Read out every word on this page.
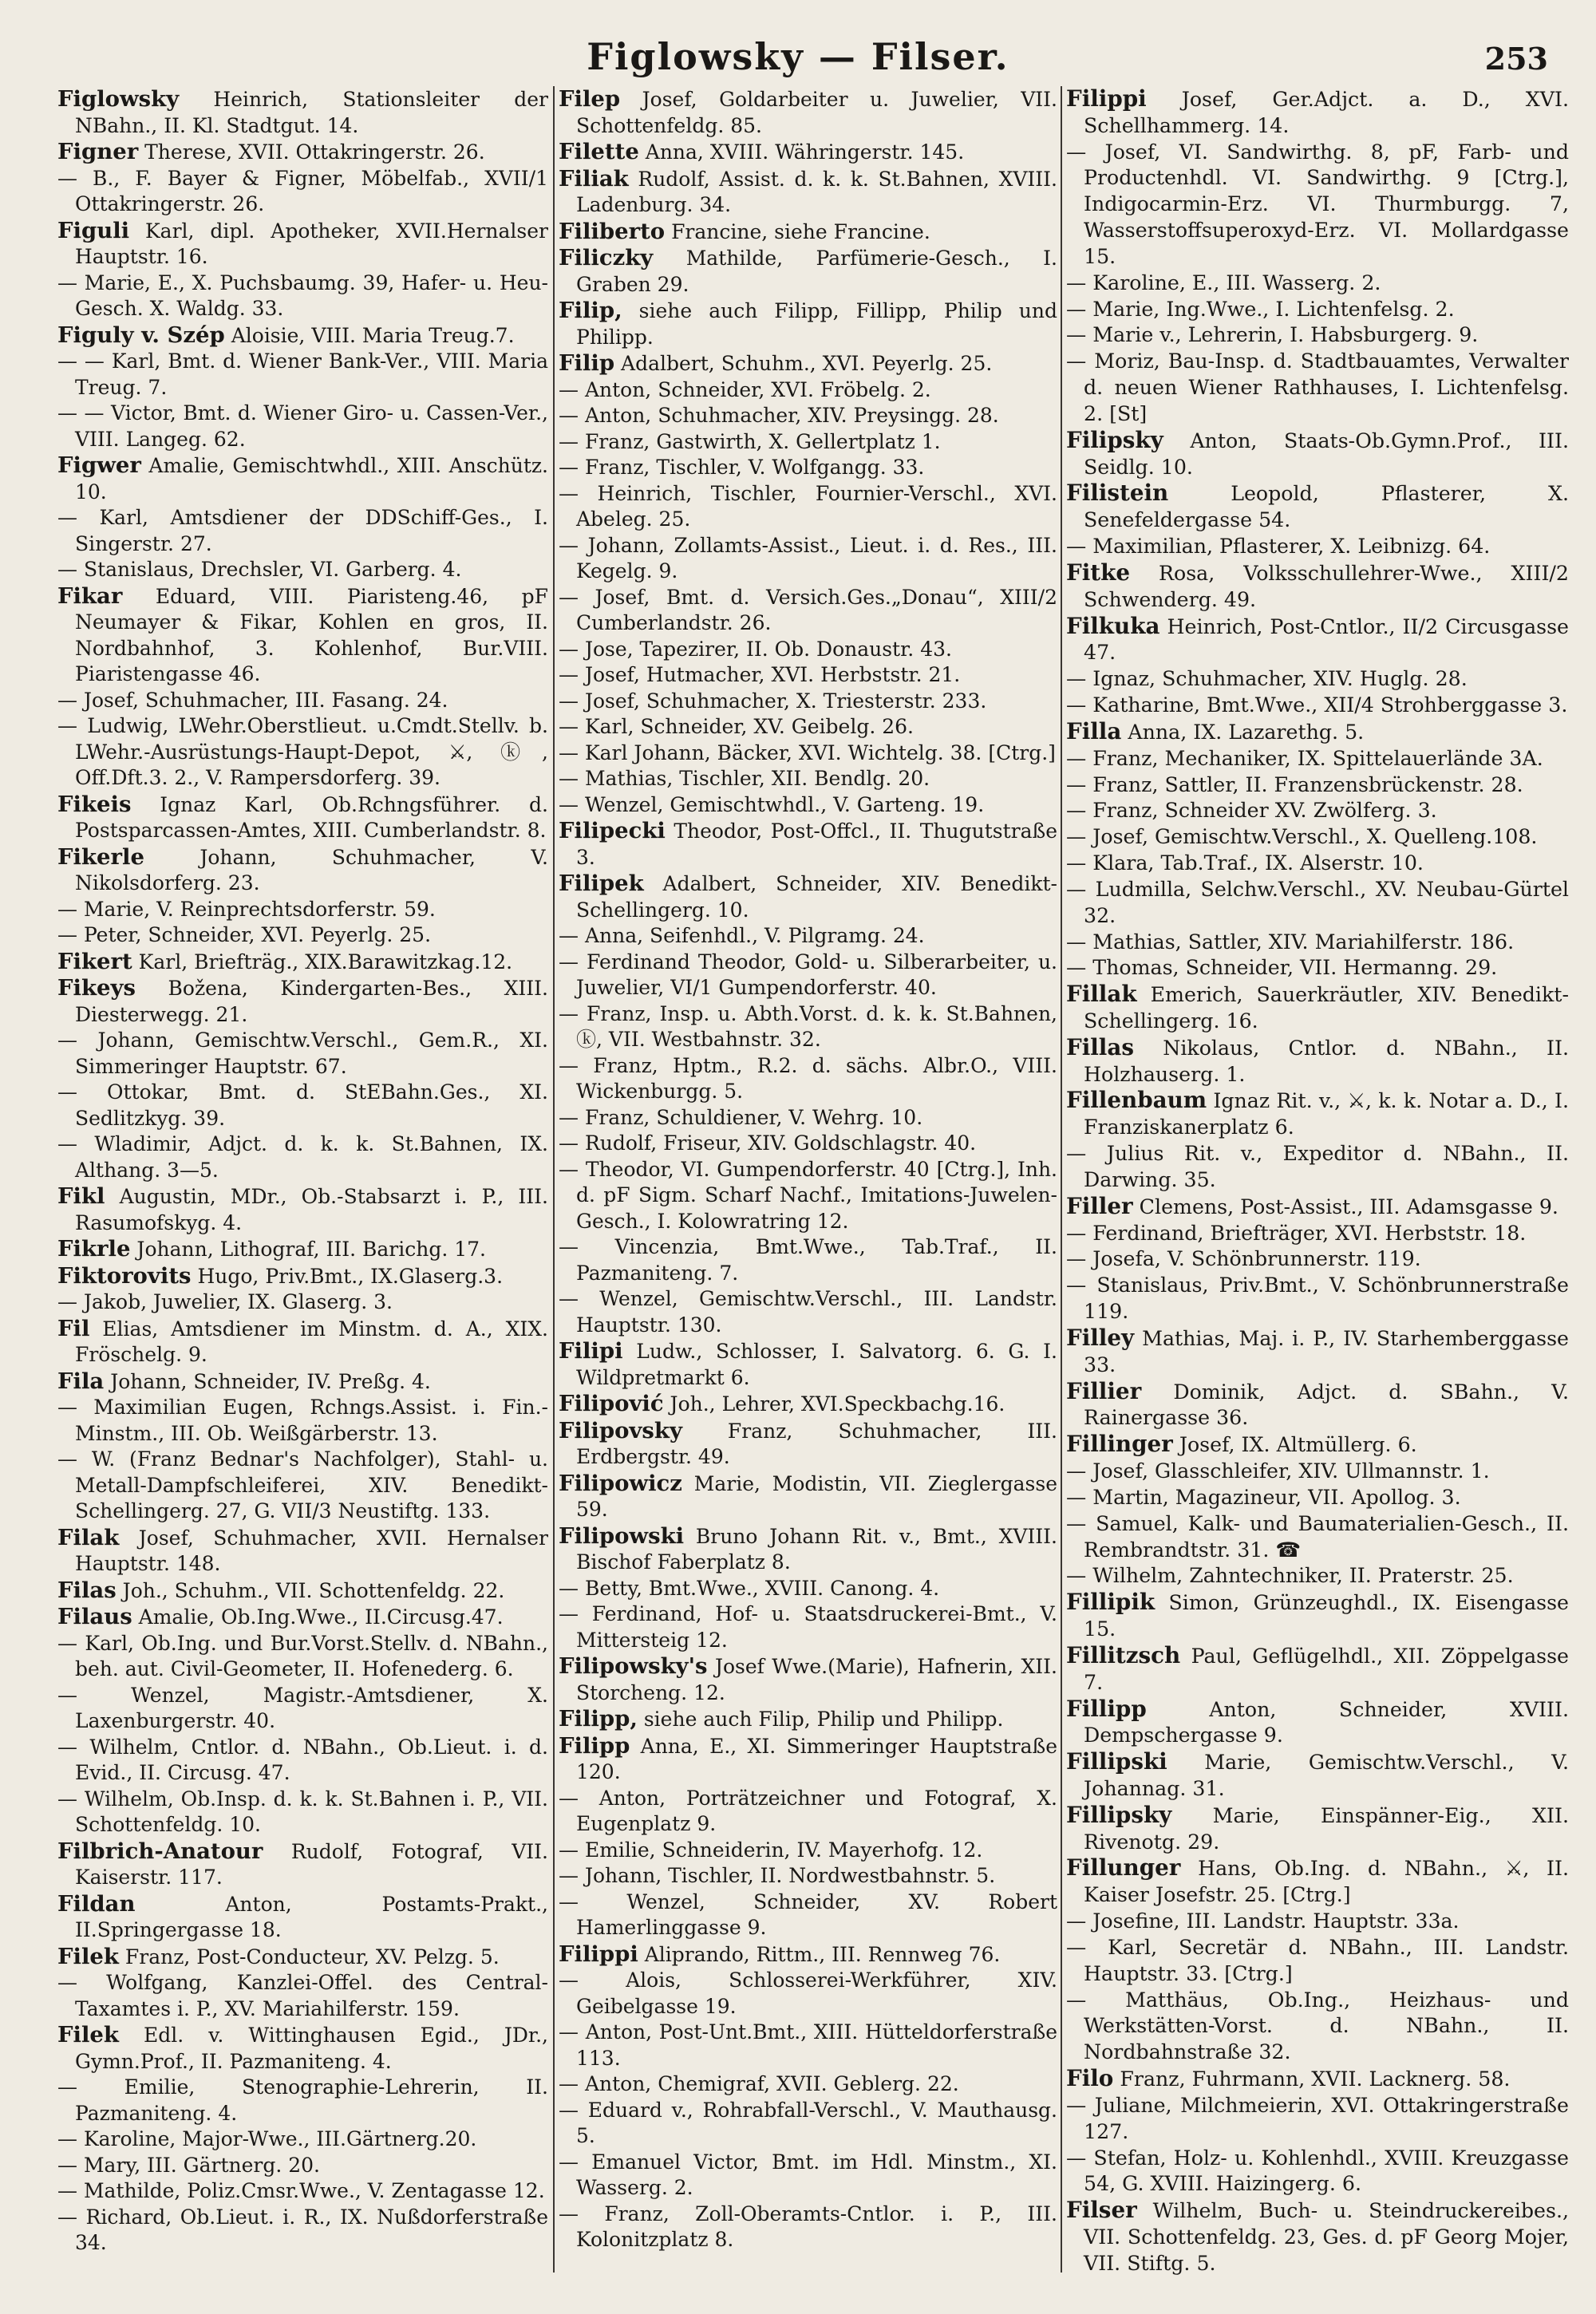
Figlowsky — Filser.	253

Figlowsky Heinrich, Stationsleiter der NBahn., II. Kl. Stadtgut. 14.

Figner Therese, XVII. Ottakringerstr. 26.

— B., F. Bayer & Figner, Möbelfab., XVII/1 Ottakringerstr. 26.

Figuli Karl, dipl. Apotheker, XVII.Hernalser Hauptstr. 16.

— Marie, E., X. Puchsbaumg. 39, Hafer- u. Heu-Gesch. X. Waldg. 33.

Figuly v. Szép Aloisie, VIII. Maria Treug.7.

— — Karl, Bmt. d. Wiener Bank-Ver., VIII. Maria Treug. 7.

— — Victor, Bmt. d. Wiener Giro- u. Cassen-Ver., VIII. Langeg. 62.

Figwer Amalie, Gemischtwhdl., XIII. Anschütz. 10.

— Karl, Amtsdiener der DDSchiff-Ges., I. Singerstr. 27.

— Stanislaus, Drechsler, VI. Garberg. 4.

Fikar Eduard, VIII. Piaristeng.46, pF Neumayer & Fikar, Kohlen en gros, II. Nordbahnhof, 3. Kohlenhof, Bur.VIII. Piaristengasse 46.

— Josef, Schuhmacher, III. Fasang. 24.

— Ludwig, LWehr.Oberstlieut. u.Cmdt.Stellv. b. LWehr.-Ausrüstungs-Haupt-Depot, ⚔, ⓚ, Off.Dft.3. 2., V. Rampersdorferg. 39.

Fikeis Ignaz Karl, Ob.Rchngsführer. d. Postsparcassen-Amtes, XIII. Cumberlandstr. 8.

Fikerle Johann, Schuhmacher, V. Nikolsdorferg. 23.

— Marie, V. Reinprechtsdorferstr. 59.

— Peter, Schneider, XVI. Peyerlg. 25.

Fikert Karl, Briefträg., XIX.Barawitzkag.12.

Fikeys Božena, Kindergarten-Bes., XIII. Diesterwegg. 21.

— Johann, Gemischtw.Verschl., Gem.R., XI. Simmeringer Hauptstr. 67.

— Ottokar, Bmt. d. StEBahn.Ges., XI. Sedlitzkyg. 39.

— Wladimir, Adjct. d. k. k. St.Bahnen, IX. Althang. 3—5.

Fikl Augustin, MDr., Ob.-Stabsarzt i. P., III. Rasumofskyg. 4.

Fikrle Johann, Lithograf, III. Barichg. 17.

Fiktorovits Hugo, Priv.Bmt., IX.Glaserg.3.

— Jakob, Juwelier, IX. Glaserg. 3.

Fil Elias, Amtsdiener im Minstm. d. A., XIX. Fröschelg. 9.

Fila Johann, Schneider, IV. Preßg. 4.

— Maximilian Eugen, Rchngs.Assist. i. Fin.-Minstm., III. Ob. Weißgärberstr. 13.

— W. (Franz Bednar's Nachfolger), Stahl- u. Metall-Dampfschleiferei, XIV. Benedikt-Schellingerg. 27, G. VII/3 Neustiftg. 133.

Filak Josef, Schuhmacher, XVII. Hernalser Hauptstr. 148.

Filas Joh., Schuhm., VII. Schottenfeldg. 22.

Filaus Amalie, Ob.Ing.Wwe., II.Circusg.47.

— Karl, Ob.Ing. und Bur.Vorst.Stellv. d. NBahn., beh. aut. Civil-Geometer, II. Hofenederg. 6.

— Wenzel, Magistr.-Amtsdiener, X. Laxenburgerstr. 40.

— Wilhelm, Cntlor. d. NBahn., Ob.Lieut. i. d. Evid., II. Circusg. 47.

— Wilhelm, Ob.Insp. d. k. k. St.Bahnen i. P., VII. Schottenfeldg. 10.

Filbrich-Anatour Rudolf, Fotograf, VII. Kaiserstr. 117.

Fildan Anton, Postamts-Prakt., II.Springergasse 18.

Filek Franz, Post-Conducteur, XV. Pelzg. 5.

— Wolfgang, Kanzlei-Offel. des Central-Taxamtes i. P., XV. Mariahilferstr. 159.

Filek Edl. v. Wittinghausen Egid., JDr., Gymn.Prof., II. Pazmaniteng. 4.

— Emilie, Stenographie-Lehrerin, II. Pazmaniteng. 4.

— Karoline, Major-Wwe., III.Gärtnerg.20.

— Mary, III. Gärtnerg. 20.

— Mathilde, Poliz.Cmsr.Wwe., V. Zentagasse 12.

— Richard, Ob.Lieut. i. R., IX. Nußdorferstraße 34.

Filep Josef, Goldarbeiter u. Juwelier, VII. Schottenfeldg. 85.

Filette Anna, XVIII. Währingerstr. 145.

Filiak Rudolf, Assist. d. k. k. St.Bahnen, XVIII. Ladenburg. 34.

Filiberto Francine, siehe Francine.

Filiczky Mathilde, Parfümerie-Gesch., I. Graben 29.

Filip, siehe auch Filipp, Fillipp, Philip und Philipp.

Filip Adalbert, Schuhm., XVI. Peyerlg. 25.

— Anton, Schneider, XVI. Fröbelg. 2.

— Anton, Schuhmacher, XIV. Preysingg. 28.

— Franz, Gastwirth, X. Gellertplatz 1.

— Franz, Tischler, V. Wolfgangg. 33.

— Heinrich, Tischler, Fournier-Verschl., XVI. Abeleg. 25.

— Johann, Zollamts-Assist., Lieut. i. d. Res., III. Kegelg. 9.

— Josef, Bmt. d. Versich.Ges.„Donau“, XIII/2 Cumberlandstr. 26.

— Jose, Tapezirer, II. Ob. Donaustr. 43.

— Josef, Hutmacher, XVI. Herbststr. 21.

— Josef, Schuhmacher, X. Triesterstr. 233.

— Karl, Schneider, XV. Geibelg. 26.

— Karl Johann, Bäcker, XVI. Wichtelg. 38. [Ctrg.]

— Mathias, Tischler, XII. Bendlg. 20.

— Wenzel, Gemischtwhdl., V. Garteng. 19.

Filipecki Theodor, Post-Offcl., II. Thugutstraße 3.

Filipek Adalbert, Schneider, XIV. Benedikt-Schellingerg. 10.

— Anna, Seifenhdl., V. Pilgramg. 24.

— Ferdinand Theodor, Gold- u. Silberarbeiter, u. Juwelier, VI/1 Gumpendorferstr. 40.

— Franz, Insp. u. Abth.Vorst. d. k. k. St.Bahnen, ⓚ, VII. Westbahnstr. 32.

— Franz, Hptm., R.2. d. sächs. Albr.O., VIII. Wickenburgg. 5.

— Franz, Schuldiener, V. Wehrg. 10.

— Rudolf, Friseur, XIV. Goldschlagstr. 40.

— Theodor, VI. Gumpendorferstr. 40 [Ctrg.], Inh. d. pF Sigm. Scharf Nachf., Imitations-Juwelen-Gesch., I. Kolowratring 12.

— Vincenzia, Bmt.Wwe., Tab.Traf., II. Pazmaniteng. 7.

— Wenzel, Gemischtw.Verschl., III. Landstr. Hauptstr. 130.

Filipi Ludw., Schlosser, I. Salvatorg. 6. G. I. Wildpretmarkt 6.

Filipović Joh., Lehrer, XVI.Speckbachg.16.

Filipovsky Franz, Schuhmacher, III. Erdbergstr. 49.

Filipowicz Marie, Modistin, VII. Zieglergasse 59.

Filipowski Bruno Johann Rit. v., Bmt., XVIII. Bischof Faberplatz 8.

— Betty, Bmt.Wwe., XVIII. Canong. 4.

— Ferdinand, Hof- u. Staatsdruckerei-Bmt., V. Mittersteig 12.

Filipowsky's Josef Wwe.(Marie), Hafnerin, XII. Storcheng. 12.

Filipp, siehe auch Filip, Philip und Philipp.

Filipp Anna, E., XI. Simmeringer Hauptstraße 120.

— Anton, Porträtzeichner und Fotograf, X. Eugenplatz 9.

— Emilie, Schneiderin, IV. Mayerhofg. 12.

— Johann, Tischler, II. Nordwestbahnstr. 5.

— Wenzel, Schneider, XV. Robert Hamerlinggasse 9.

Filippi Aliprando, Rittm., III. Rennweg 76.

— Alois, Schlosserei-Werkführer, XIV. Geibelgasse 19.

— Anton, Post-Unt.Bmt., XIII. Hütteldorferstraße 113.

— Anton, Chemigraf, XVII. Geblerg. 22.

— Eduard v., Rohrabfall-Verschl., V. Mauthausg. 5.

— Emanuel Victor, Bmt. im Hdl. Minstm., XI. Wasserg. 2.

— Franz, Zoll-Oberamts-Cntlor. i. P., III. Kolonitzplatz 8.

Filippi Josef, Ger.Adjct. a. D., XVI. Schellhammerg. 14.

— Josef, VI. Sandwirthg. 8, pF, Farb- und Productenhdl. VI. Sandwirthg. 9 [Ctrg.], Indigocarmin-Erz. VI. Thurmburgg. 7, Wasserstoffsuperoxyd-Erz. VI. Mollardgasse 15.

— Karoline, E., III. Wasserg. 2.

— Marie, Ing.Wwe., I. Lichtenfelsg. 2.

— Marie v., Lehrerin, I. Habsburgerg. 9.

— Moriz, Bau-Insp. d. Stadtbauamtes, Verwalter d. neuen Wiener Rathhauses, I. Lichtenfelsg. 2. [St]

Filipsky Anton, Staats-Ob.Gymn.Prof., III. Seidlg. 10.

Filistein Leopold, Pflasterer, X. Senefeldergasse 54.

— Maximilian, Pflasterer, X. Leibnizg. 64.

Fitke Rosa, Volksschullehrer-Wwe., XIII/2 Schwenderg. 49.

Filkuka Heinrich, Post-Cntlor., II/2 Circusgasse 47.

— Ignaz, Schuhmacher, XIV. Huglg. 28.

— Katharine, Bmt.Wwe., XII/4 Strohberggasse 3.

Filla Anna, IX. Lazarethg. 5.

— Franz, Mechaniker, IX. Spittelauerlände 3A.

— Franz, Sattler, II. Franzensbrückenstr. 28.

— Franz, Schneider XV. Zwölferg. 3.

— Josef, Gemischtw.Verschl., X. Quelleng.108.

— Klara, Tab.Traf., IX. Alserstr. 10.

— Ludmilla, Selchw.Verschl., XV. Neubau-Gürtel 32.

— Mathias, Sattler, XIV. Mariahilferstr. 186.

— Thomas, Schneider, VII. Hermanng. 29.

Fillak Emerich, Sauerkräutler, XIV. Benedikt-Schellingerg. 16.

Fillas Nikolaus, Cntlor. d. NBahn., II. Holzhauserg. 1.

Fillenbaum Ignaz Rit. v., ⚔, k. k. Notar a. D., I. Franziskanerplatz 6.

— Julius Rit. v., Expeditor d. NBahn., II. Darwing. 35.

Filler Clemens, Post-Assist., III. Adamsgasse 9.

— Ferdinand, Briefträger, XVI. Herbststr. 18.

— Josefa, V. Schönbrunnerstr. 119.

— Stanislaus, Priv.Bmt., V. Schönbrunnerstraße 119.

Filley Mathias, Maj. i. P., IV. Starhemberggasse 33.

Fillier Dominik, Adjct. d. SBahn., V. Rainergasse 36.

Fillinger Josef, IX. Altmüllerg. 6.

— Josef, Glasschleifer, XIV. Ullmannstr. 1.

— Martin, Magazineur, VII. Apollog. 3.

— Samuel, Kalk- und Baumaterialien-Gesch., II. Rembrandtstr. 31. ☎

— Wilhelm, Zahntechniker, II. Praterstr. 25.

Fillipik Simon, Grünzeughdl., IX. Eisengasse 15.

Fillitzsch Paul, Geflügelhdl., XII. Zöppelgasse 7.

Fillipp Anton, Schneider, XVIII. Dempschergasse 9.

Fillipski Marie, Gemischtw.Verschl., V. Johannag. 31.

Fillipsky Marie, Einspänner-Eig., XII. Rivenotg. 29.

Fillunger Hans, Ob.Ing. d. NBahn., ⚔, II. Kaiser Josefstr. 25. [Ctrg.]

— Josefine, III. Landstr. Hauptstr. 33a.

— Karl, Secretär d. NBahn., III. Landstr. Hauptstr. 33. [Ctrg.]

— Matthäus, Ob.Ing., Heizhaus- und Werkstätten-Vorst. d. NBahn., II. Nordbahnstraße 32.

Filo Franz, Fuhrmann, XVII. Lacknerg. 58.

— Juliane, Milchmeierin, XVI. Ottakringerstraße 127.

— Stefan, Holz- u. Kohlenhdl., XVIII. Kreuzgasse 54, G. XVIII. Haizingerg. 6.

Filser Wilhelm, Buch- u. Steindruckereibes., VII. Schottenfeldg. 23, Ges. d. pF Georg Mojer, VII. Stiftg. 5.
